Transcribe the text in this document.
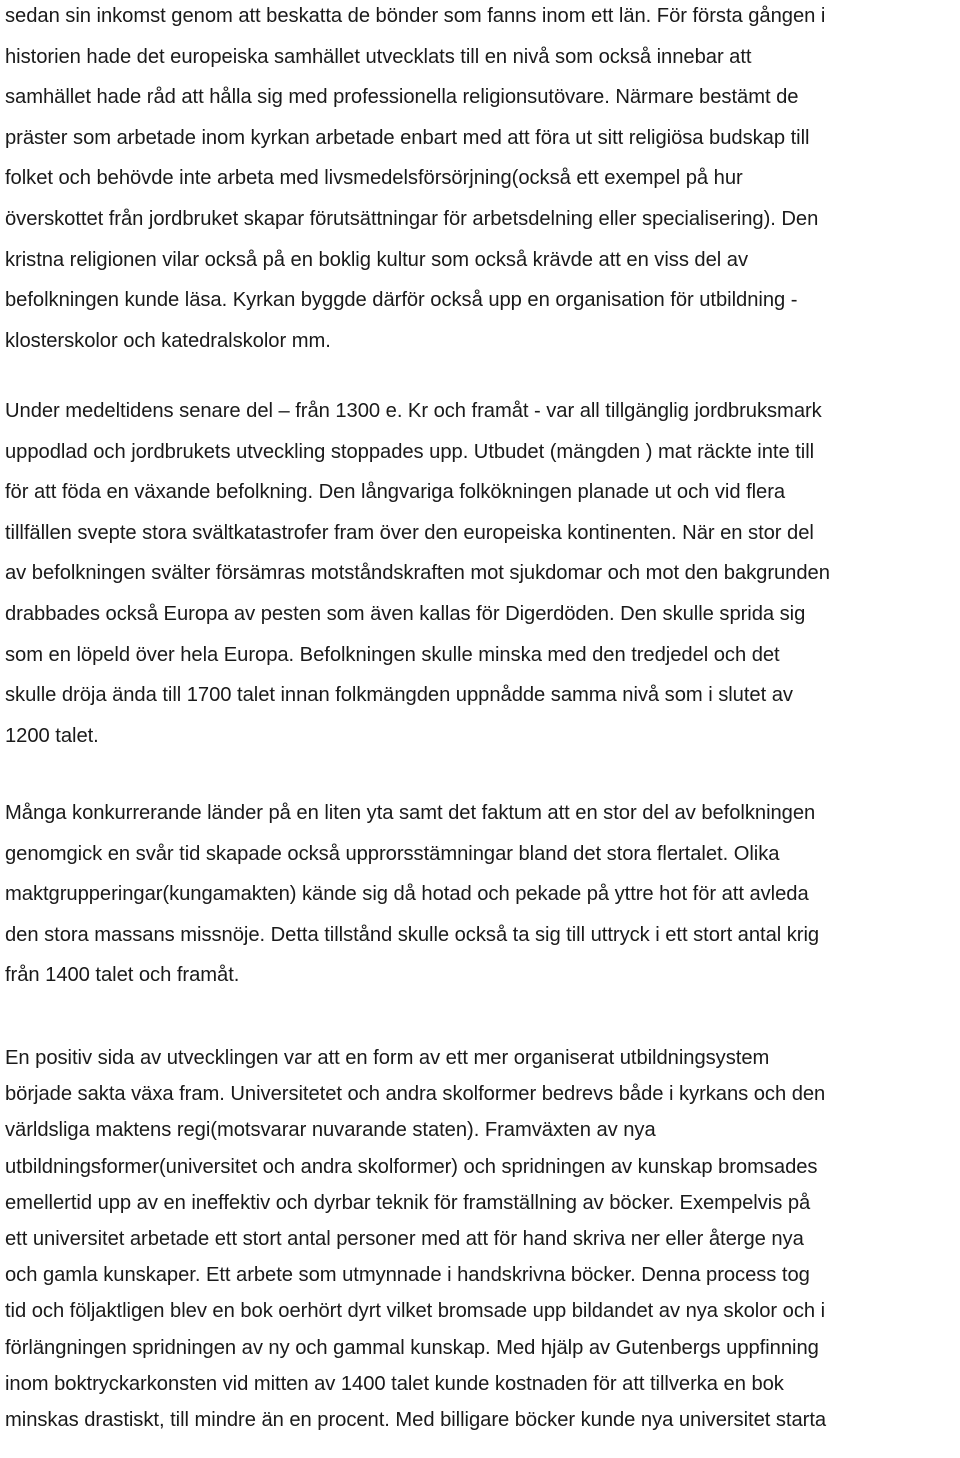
sedan sin inkomst genom att beskatta de bönder som fanns inom ett län. För första gången i
historien hade det europeiska samhället utvecklats till en nivå som också innebar att
samhället hade råd att hålla sig med professionella religionsutövare. Närmare bestämt de
präster som arbetade inom kyrkan arbetade enbart med att föra ut sitt religiösa budskap till
folket och behövde inte arbeta med livsmedelsförsörjning(också ett exempel på hur
överskottet från jordbruket skapar förutsättningar för arbetsdelning eller specialisering). Den
kristna religionen vilar också på en boklig kultur som också krävde att en viss del av
befolkningen kunde läsa. Kyrkan byggde därför också upp en organisation för utbildning -
klosterskolor och katedralskolor mm.
Under medeltidens senare del – från 1300 e. Kr och framåt - var all tillgänglig jordbruksmark
uppodlad och jordbrukets utveckling stoppades upp. Utbudet (mängden ) mat räckte inte till
för att föda en växande befolkning. Den långvariga folkökningen planade ut och vid flera
tillfällen svepte stora svältkatastrofer fram över den europeiska kontinenten. När en stor del
av befolkningen svälter försämras motståndskraften mot sjukdomar och mot den bakgrunden
drabbades också Europa av pesten som även kallas för Digerdöden. Den skulle sprida sig
som en löpeld över hela Europa. Befolkningen skulle minska med den tredjedel och det
skulle dröja ända till 1700 talet innan folkmängden uppnådde samma nivå som i slutet av
1200 talet.
Många konkurrerande länder på en liten yta samt det faktum att en stor del av befolkningen
genomgick en svår tid skapade också upprorsstämningar bland det stora flertalet. Olika
maktgrupperingar(kungamakten) kände sig då hotad och pekade på yttre hot för att avleda
den stora massans missnöje. Detta tillstånd skulle också ta sig till uttryck i ett stort antal krig
från 1400 talet och framåt.
En positiv sida av utvecklingen var att en form av ett mer organiserat utbildningsystem
började sakta växa fram. Universitetet och andra skolformer bedrevs både i kyrkans och den
världsliga maktens regi(motsvarar nuvarande staten). Framväxten av nya
utbildningsformer(universitet och andra skolformer) och spridningen av kunskap bromsades
emellertid upp av en ineffektiv och dyrbar teknik för framställning av böcker. Exempelvis på
ett universitet arbetade ett stort antal personer med att för hand skriva ner eller återge nya
och gamla kunskaper. Ett arbete som utmynnade i handskrivna böcker. Denna process tog
tid och följaktligen blev en bok oerhört dyrt vilket bromsade upp bildandet av nya skolor och i
förlängningen spridningen av ny och gammal kunskap. Med hjälp av Gutenbergs uppfinning
inom boktryckarkonsten vid mitten av 1400 talet kunde kostnaden för att tillverka en bok
minskas drastiskt, till mindre än en procent. Med billigare böcker kunde nya universitet starta
